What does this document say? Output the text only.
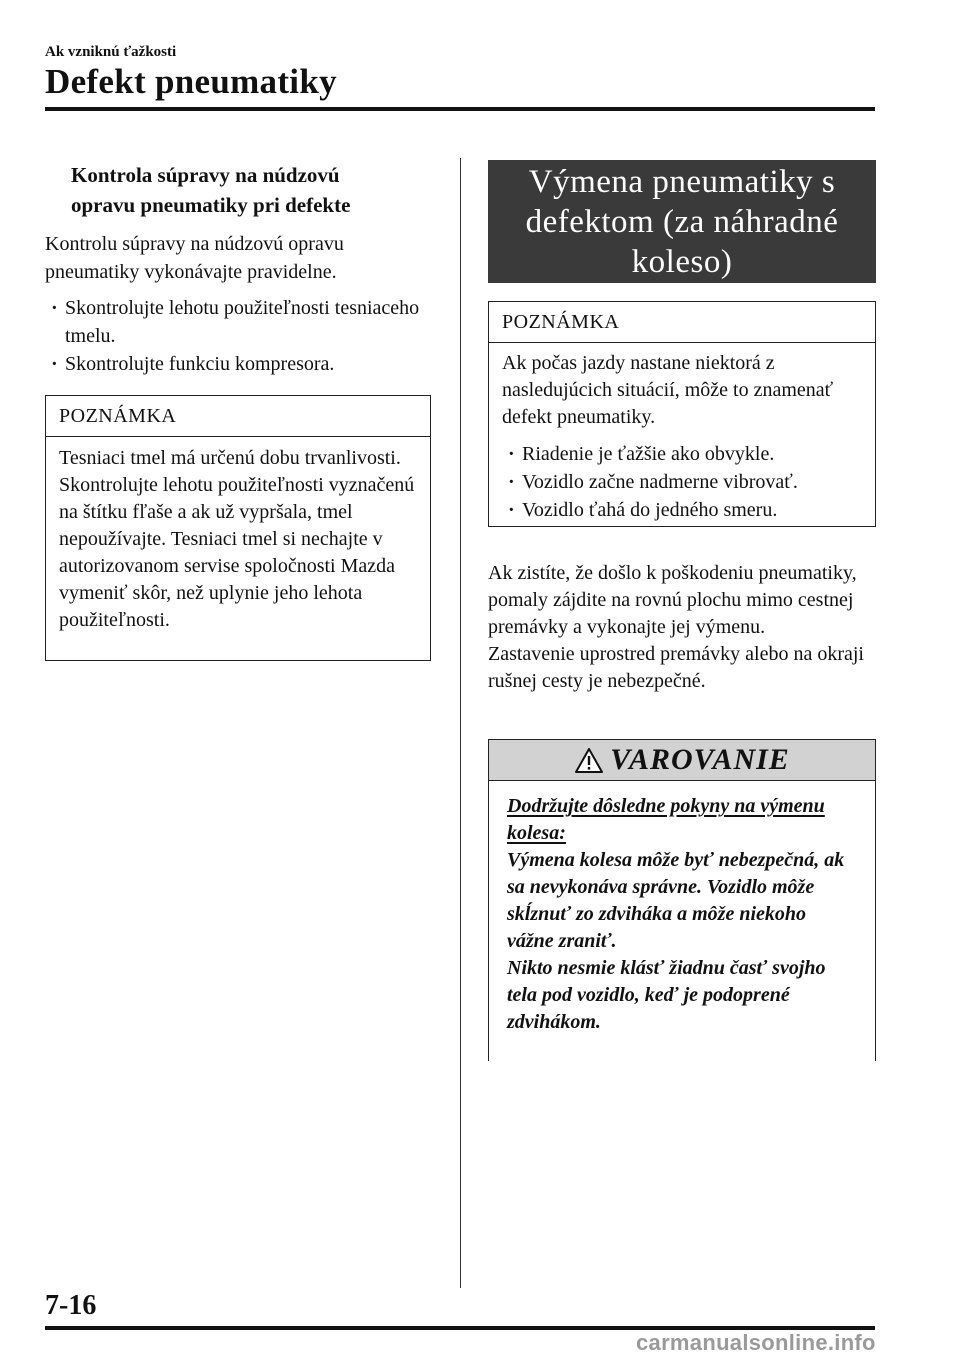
Ak vzniknú ťažkosti
Defekt pneumatiky
Kontrola súpravy na núdzovú opravu pneumatiky pri defekte
Kontrolu súpravy na núdzovú opravu pneumatiky vykonávajte pravidelne.
· Skontrolujte lehotu použiteľnosti tesniaceho tmelu.
· Skontrolujte funkciu kompresora.
POZNÁMKA
Tesniaci tmel má určenú dobu trvanlivosti. Skontrolujte lehotu použiteľnosti vyznačenú na štítku fľaše a ak už vypršala, tmel nepoužívajte. Tesniaci tmel si nechajte v autorizovanom servise spoločnosti Mazda vymeniť skôr, než uplynie jeho lehota použiteľnosti.
Výmena pneumatiky s defektom (za náhradné koleso)
POZNÁMKA
Ak počas jazdy nastane niektorá z nasledujúcich situácií, môže to znamenať defekt pneumatiky.
· Riadenie je ťažšie ako obvykle.
· Vozidlo začne nadmerne vibrovať.
· Vozidlo ťahá do jedného smeru.
Ak zistíte, že došlo k poškodeniu pneumatiky, pomaly zájdite na rovnú plochu mimo cestnej premávky a vykonajte jej výmenu.
Zastavenie uprostred premávky alebo na okraji rušnej cesty je nebezpečné.
VAROVANIE
Dodržujte dôsledne pokyny na výmenu kolesa:
Výmena kolesa môže byť nebezpečná, ak sa nevykonáva správne. Vozidlo môže skĺznuť zo zdviháka a môže niekoho vážne zraniť.
Nikto nesmie klásť žiadnu časť svojho tela pod vozidlo, keď je podoprené zdvihákom.
7-16
carmanualsonline.info
